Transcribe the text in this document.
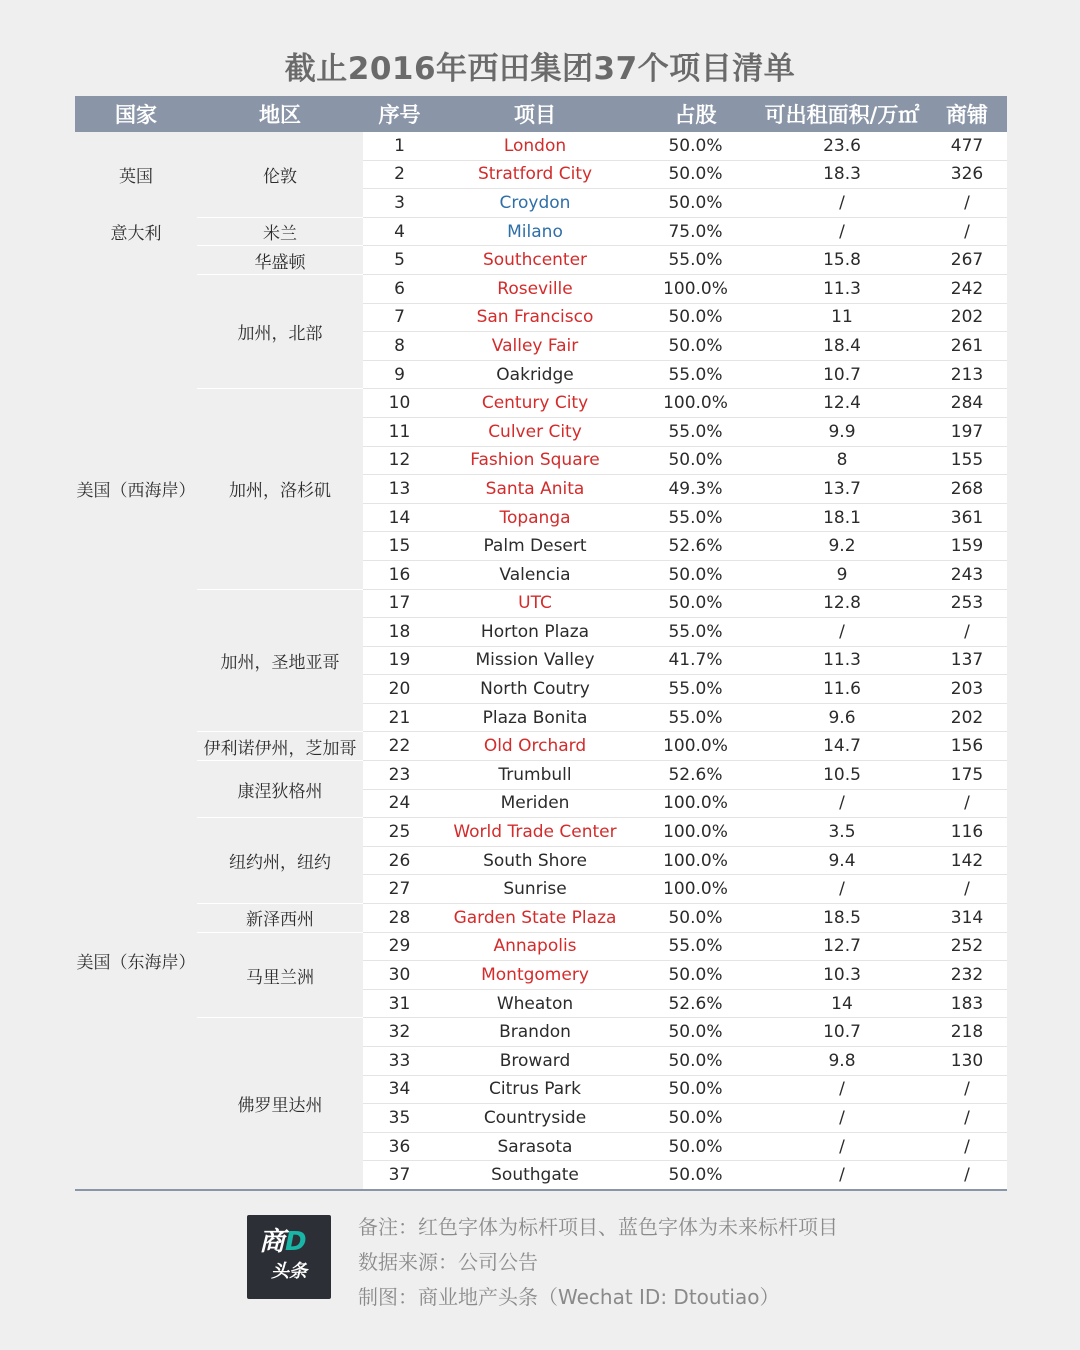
截止2016年西田集团37个项目清单
国家	地区	序号	项目	占股	可出租面积/万㎡	商铺
英国	伦敦	1	London	50.0%	23.6	477
		2	Stratford City	50.0%	18.3	326
		3	Croydon	50.0%	/	/
意大利	米兰	4	Milano	75.0%	/	/
美国（西海岸）	华盛顿	5	Southcenter	55.0%	15.8	267
	加州，北部	6	Roseville	100.0%	11.3	242
		7	San Francisco	50.0%	11	202
		8	Valley Fair	50.0%	18.4	261
		9	Oakridge	55.0%	10.7	213
	加州，洛杉矶	10	Century City	100.0%	12.4	284
		11	Culver City	55.0%	9.9	197
		12	Fashion Square	50.0%	8	155
		13	Santa Anita	49.3%	13.7	268
		14	Topanga	55.0%	18.1	361
		15	Palm Desert	52.6%	9.2	159
		16	Valencia	50.0%	9	243
	加州，圣地亚哥	17	UTC	50.0%	12.8	253
		18	Horton Plaza	55.0%	/	/
		19	Mission Valley	41.7%	11.3	137
		20	North Coutry	55.0%	11.6	203
		21	Plaza Bonita	55.0%	9.6	202
美国（东海岸）	伊利诺伊州，芝加哥	22	Old Orchard	100.0%	14.7	156
	康涅狄格州	23	Trumbull	52.6%	10.5	175
		24	Meriden	100.0%	/	/
	纽约州，纽约	25	World Trade Center	100.0%	3.5	116
		26	South Shore	100.0%	9.4	142
		27	Sunrise	100.0%	/	/
	新泽西州	28	Garden State Plaza	50.0%	18.5	314
	马里兰洲	29	Annapolis	55.0%	12.7	252
		30	Montgomery	50.0%	10.3	232
		31	Wheaton	52.6%	14	183
	佛罗里达州	32	Brandon	50.0%	10.7	218
		33	Broward	50.0%	9.8	130
		34	Citrus Park	50.0%	/	/
		35	Countryside	50.0%	/	/
		36	Sarasota	50.0%	/	/
		37	Southgate	50.0%	/	/
商D
头条
备注：红色字体为标杆项目、蓝色字体为未来标杆项目
数据来源：公司公告
制图：商业地产头条（Wechat ID: Dtoutiao）
